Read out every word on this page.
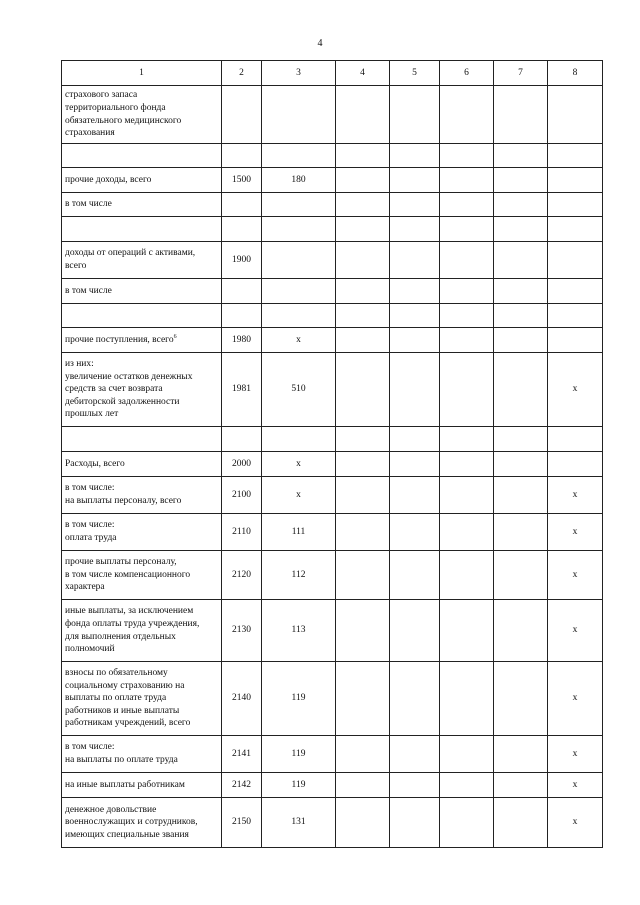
4
1	2	3	4	5	6	7	8
страхового запаса
территориального фонда
обязательного медицинского
страхования							

прочие доходы, всего	1500	180					
в том числе							

доходы от операций с активами,
всего	1900						
в том числе							

прочие поступления, всего$^6$	1980	x					
из них:
увеличение остатков денежных
средств за счет возврата
дебиторской задолженности
прошлых лет	1981	510					x

Расходы, всего	2000	x					
в том числе:
на выплаты персоналу, всего	2100	x					x
в том числе:
оплата труда	2110	111					x
прочие выплаты персоналу,
в том числе компенсационного
характера	2120	112					x
иные выплаты, за исключением
фонда оплаты труда учреждения,
для выполнения отдельных
полномочий	2130	113					x
взносы по обязательному
социальному страхованию на
выплаты по оплате труда
работников и иные выплаты
работникам учреждений, всего	2140	119					x
в том числе:
на выплаты по оплате труда	2141	119					x
на иные выплаты работникам	2142	119					x
денежное довольствие
военнослужащих и сотрудников,
имеющих специальные звания	2150	131					x
